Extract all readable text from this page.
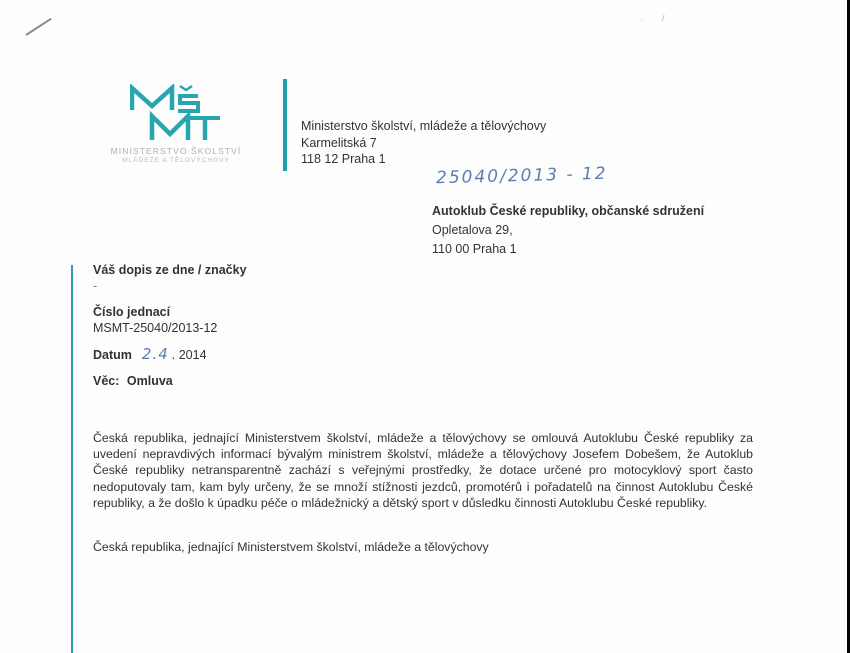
· /
MINISTERSTVO ŠKOLSTVÍ
MLÁDEŽE A TĚLOVÝCHOVY
Ministerstvo školství, mládeže a tělovýchovy
Karmelitská 7
118 12 Praha 1
25040/2013 - 12
Autoklub České republiky, občanské sdružení
Opletalova 29,
110 00 Praha 1
Váš dopis ze dne / značky
-
Číslo jednací
MSMT-25040/2013-12
Datum 2.4 . 2014
Věc: Omluva
Česká republika, jednající Ministerstvem školství, mládeže a tělovýchovy se omlouvá Autoklubu České republiky za uvedení nepravdivých informací bývalým ministrem školství, mládeže a tělovýchovy Josefem Dobešem, že Autoklub České republiky netransparentně zachází s veřejnými prostředky, že dotace určené pro motocyklový sport často nedoputovaly tam, kam byly určeny, že se množí stížnosti jezdců, promotérů i pořadatelů na činnost Autoklubu České republiky, a že došlo k úpadku péče o mládežnický a dětský sport v důsledku činnosti Autoklubu České republiky.
Česká republika, jednající Ministerstvem školství, mládeže a tělovýchovy
